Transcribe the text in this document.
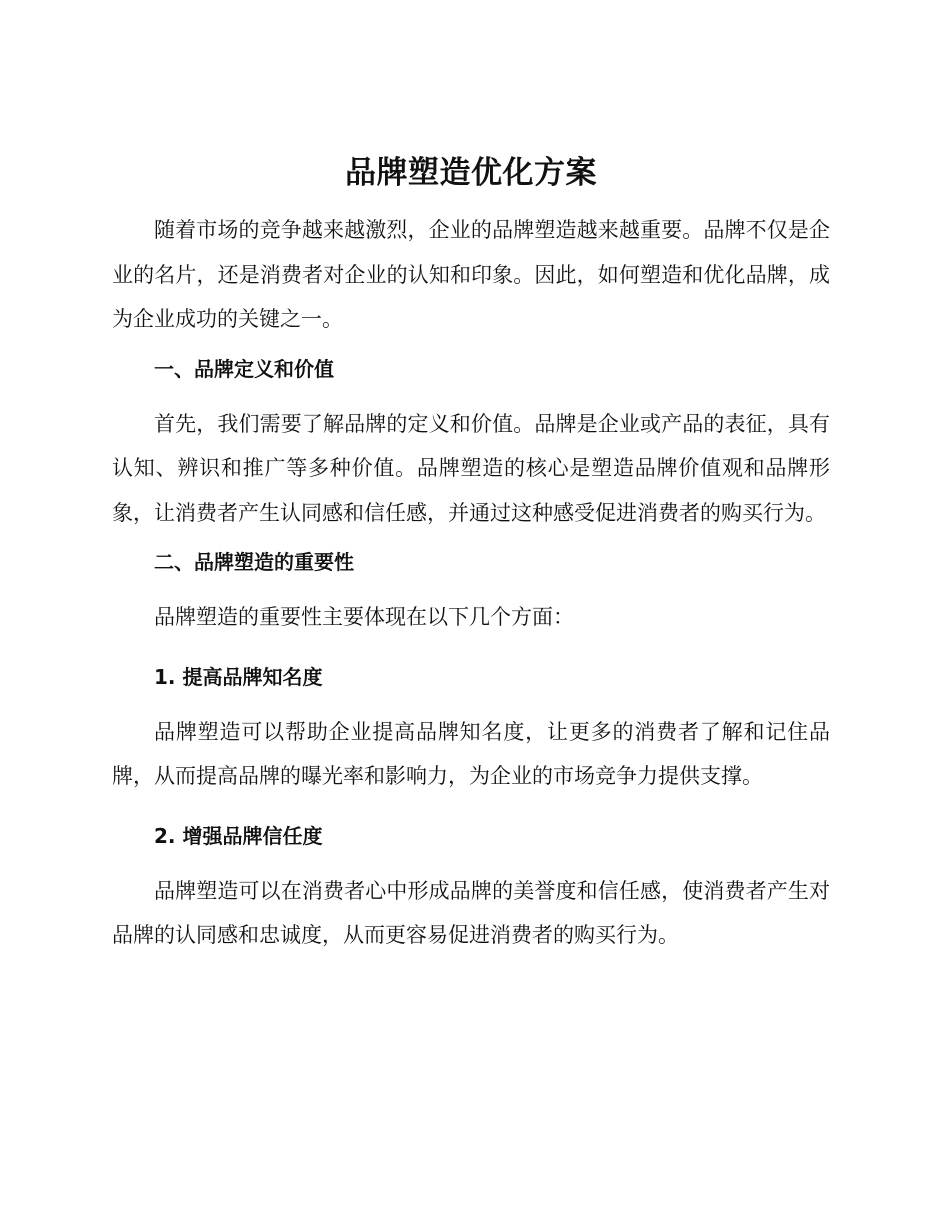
品牌塑造优化方案

随着市场的竞争越来越激烈，企业的品牌塑造越来越重要。品牌不仅是企业的名片，还是消费者对企业的认知和印象。因此，如何塑造和优化品牌，成为企业成功的关键之一。

一、品牌定义和价值

首先，我们需要了解品牌的定义和价值。品牌是企业或产品的表征，具有认知、辨识和推广等多种价值。品牌塑造的核心是塑造品牌价值观和品牌形象，让消费者产生认同感和信任感，并通过这种感受促进消费者的购买行为。

二、品牌塑造的重要性

品牌塑造的重要性主要体现在以下几个方面：

1. 提高品牌知名度

品牌塑造可以帮助企业提高品牌知名度，让更多的消费者了解和记住品牌，从而提高品牌的曝光率和影响力，为企业的市场竞争力提供支撑。

2. 增强品牌信任度

品牌塑造可以在消费者心中形成品牌的美誉度和信任感，使消费者产生对品牌的认同感和忠诚度，从而更容易促进消费者的购买行为。
